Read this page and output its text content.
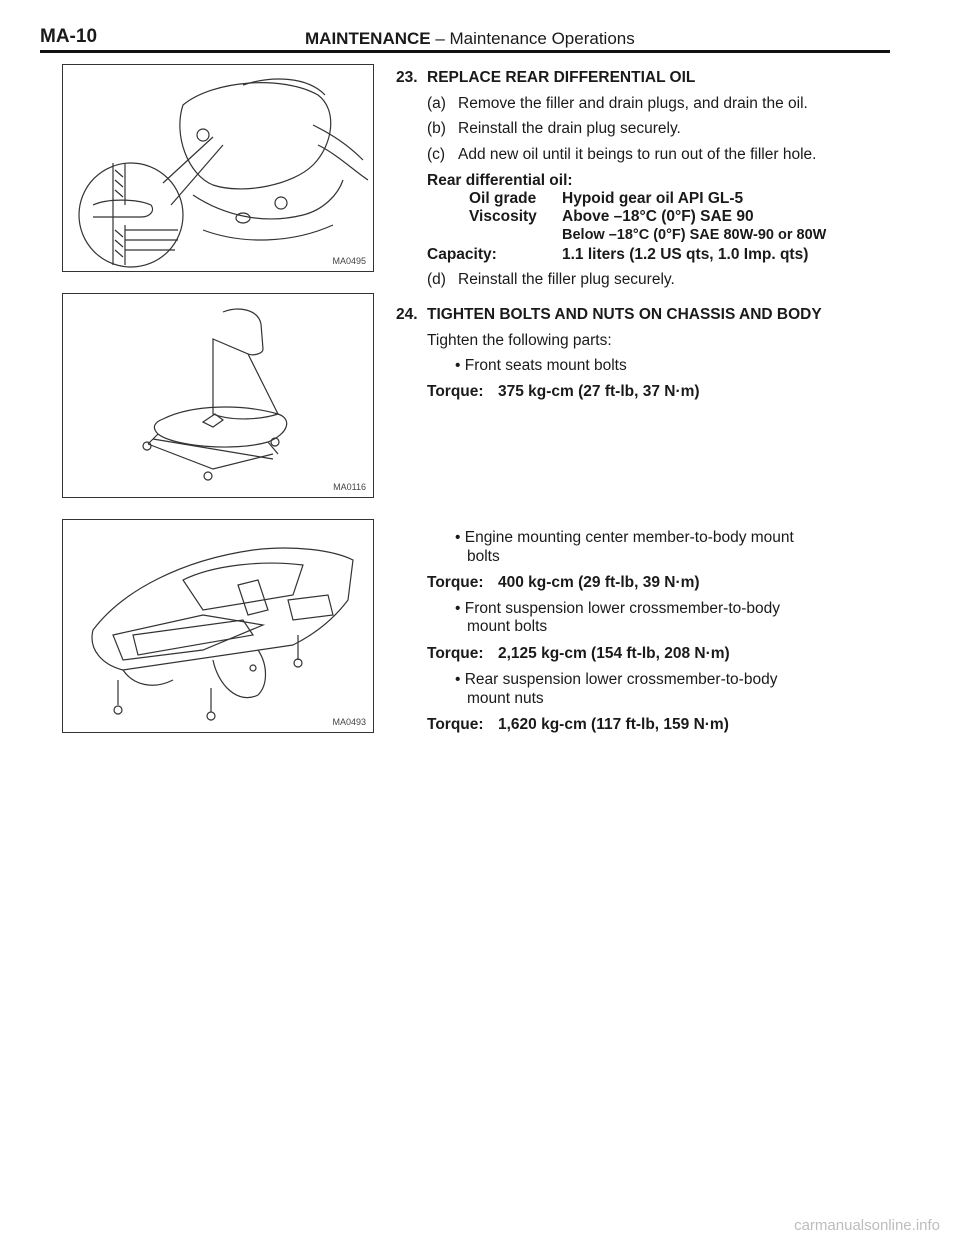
MA-10	MAINTENANCE – Maintenance Operations
MA0495
MA0116
MA0493
23. REPLACE REAR DIFFERENTIAL OIL
(a) Remove the filler and drain plugs, and drain the oil.
(b) Reinstall the drain plug securely.
(c) Add new oil until it beings to run out of the filler hole.
Rear differential oil:
Oil grade Hypoid gear oil API GL-5
Viscosity Above –18°C (0°F) SAE 90
Below –18°C (0°F) SAE 80W-90 or 80W
Capacity:	1.1 liters (1.2 US qts, 1.0 Imp. qts)
(d) Reinstall the filler plug securely.
24. TIGHTEN BOLTS AND NUTS ON CHASSIS AND BODY
Tighten the following parts:
• Front seats mount bolts
Torque: 375 kg-cm (27 ft-lb, 37 N·m)
• Engine mounting center member-to-body mount
bolts
Torque: 400 kg-cm (29 ft-lb, 39 N·m)
• Front suspension lower crossmember-to-body
mount bolts
Torque: 2,125 kg-cm (154 ft-lb, 208 N·m)
• Rear suspension lower crossmember-to-body
mount nuts
Torque: 1,620 kg-cm (117 ft-lb, 159 N·m)
carmanualsonline.info
